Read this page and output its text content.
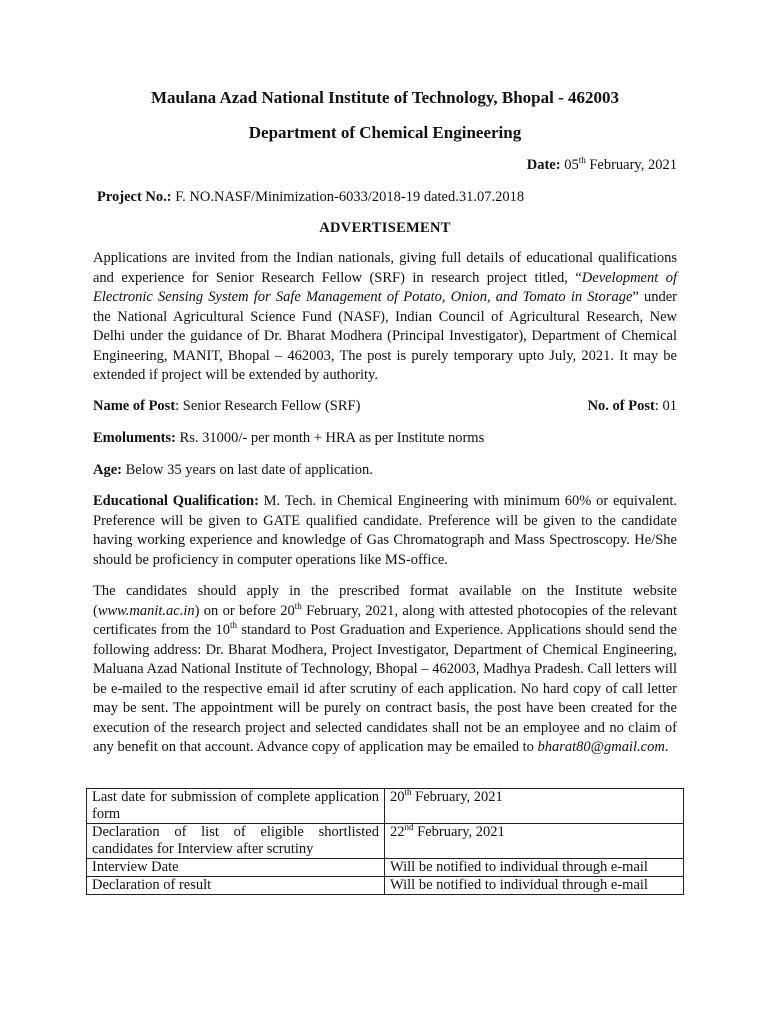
Maulana Azad National Institute of Technology, Bhopal - 462003
Department of Chemical Engineering
Date: 05th February, 2021
Project No.: F. NO.NASF/Minimization-6033/2018-19 dated.31.07.2018
ADVERTISEMENT
Applications are invited from the Indian nationals, giving full details of educational qualifications and experience for Senior Research Fellow (SRF) in research project titled, “Development of Electronic Sensing System for Safe Management of Potato, Onion, and Tomato in Storage” under the National Agricultural Science Fund (NASF), Indian Council of Agricultural Research, New Delhi under the guidance of Dr. Bharat Modhera (Principal Investigator), Department of Chemical Engineering, MANIT, Bhopal – 462003, The post is purely temporary upto July, 2021. It may be extended if project will be extended by authority.
Name of Post: Senior Research Fellow (SRF)	No. of Post: 01
Emoluments: Rs. 31000/- per month + HRA as per Institute norms
Age: Below 35 years on last date of application.
Educational Qualification: M. Tech. in Chemical Engineering with minimum 60% or equivalent. Preference will be given to GATE qualified candidate. Preference will be given to the candidate having working experience and knowledge of Gas Chromatograph and Mass Spectroscopy. He/She should be proficiency in computer operations like MS-office.
The candidates should apply in the prescribed format available on the Institute website (www.manit.ac.in) on or before 20th February, 2021, along with attested photocopies of the relevant certificates from the 10th standard to Post Graduation and Experience. Applications should send the following address: Dr. Bharat Modhera, Project Investigator, Department of Chemical Engineering, Maluana Azad National Institute of Technology, Bhopal – 462003, Madhya Pradesh. Call letters will be e-mailed to the respective email id after scrutiny of each application. No hard copy of call letter may be sent. The appointment will be purely on contract basis, the post have been created for the execution of the research project and selected candidates shall not be an employee and no claim of any benefit on that account. Advance copy of application may be emailed to bharat80@gmail.com.
Last date for submission of complete application form	20th February, 2021
Declaration of list of eligible shortlisted candidates for Interview after scrutiny	22nd February, 2021
Interview Date	Will be notified to individual through e-mail
Declaration of result	Will be notified to individual through e-mail
